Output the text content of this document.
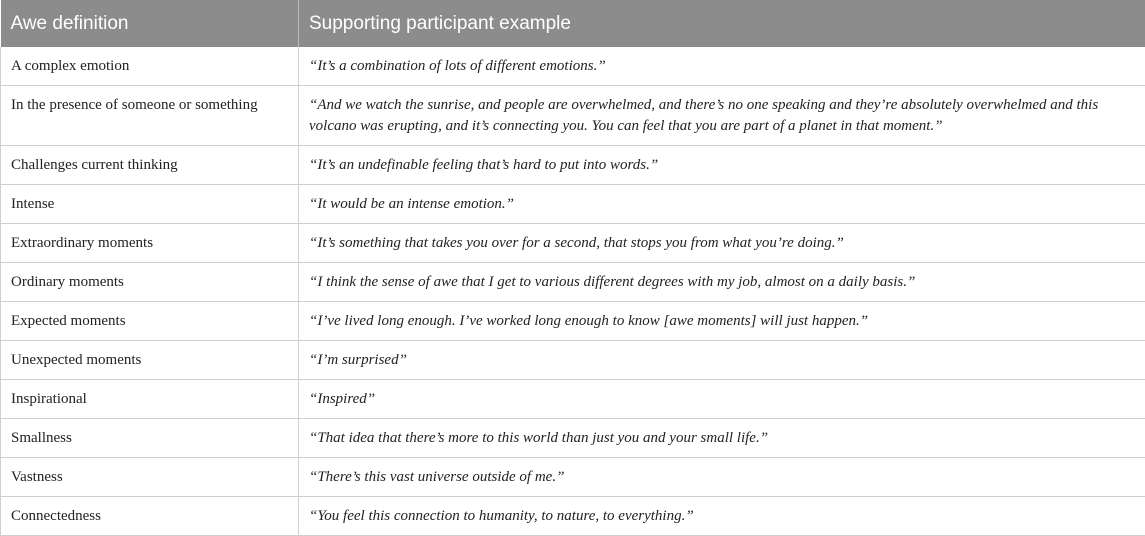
Awe definition	Supporting participant example
A complex emotion	“It’s a combination of lots of different emotions.”
In the presence of someone or something	“And we watch the sunrise, and people are overwhelmed, and there’s no one speaking and they’re absolutely overwhelmed and this volcano was erupting, and it’s connecting you. You can feel that you are part of a planet in that moment.”
Challenges current thinking	“It’s an undefinable feeling that’s hard to put into words.”
Intense	“It would be an intense emotion.”
Extraordinary moments	“It’s something that takes you over for a second, that stops you from what you’re doing.”
Ordinary moments	“I think the sense of awe that I get to various different degrees with my job, almost on a daily basis.”
Expected moments	“I’ve lived long enough. I’ve worked long enough to know [awe moments] will just happen.”
Unexpected moments	“I’m surprised”
Inspirational	“Inspired”
Smallness	“That idea that there’s more to this world than just you and your small life.”
Vastness	“There’s this vast universe outside of me.”
Connectedness	“You feel this connection to humanity, to nature, to everything.”
